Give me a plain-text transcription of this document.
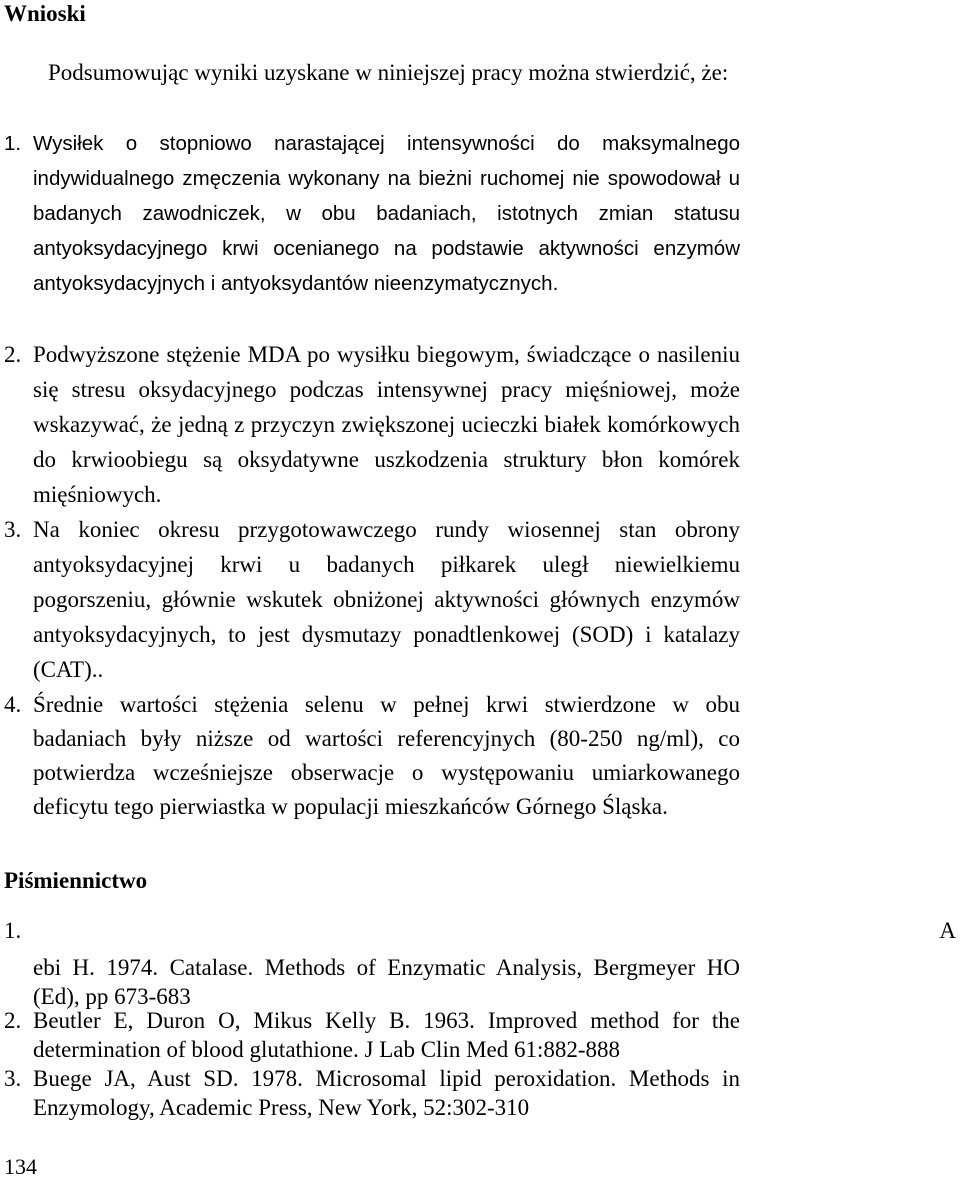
Wnioski

Podsumowując wyniki uzyskane w niniejszej pracy można stwierdzić, że:

1. Wysiłek o stopniowo narastającej intensywności do maksymalnego indywidualnego zmęczenia wykonany na bieżni ruchomej nie spowodował u badanych zawodniczek, w obu badaniach, istotnych zmian statusu antyoksydacyjnego krwi ocenianego na podstawie aktywności enzymów antyoksydacyjnych i antyoksydantów nieenzymatycznych.
2. Podwyższone stężenie MDA po wysiłku biegowym, świadczące o nasileniu się stresu oksydacyjnego podczas intensywnej pracy mięśniowej, może wskazywać, że jedną z przyczyn zwiększonej ucieczki białek komórkowych do krwioobiegu są oksydatywne uszkodzenia struktury błon komórek mięśniowych.
3. Na koniec okresu przygotowawczego rundy wiosennej stan obrony antyoksydacyjnej krwi u badanych piłkarek uległ niewielkiemu pogorszeniu, głównie wskutek obniżonej aktywności głównych enzymów antyoksydacyjnych, to jest dysmutazy ponadtlenkowej (SOD) i katalazy (CAT)..
4. Średnie wartości stężenia selenu w pełnej krwi stwierdzone w obu badaniach były niższe od wartości referencyjnych (80-250 ng/ml), co potwierdza wcześniejsze obserwacje o występowaniu umiarkowanego deficytu tego pierwiastka w populacji mieszkańców Górnego Śląska.
Piśmiennictwo
1.	A
ebi H. 1974. Catalase. Methods of Enzymatic Analysis, Bergmeyer HO (Ed), pp 673-683
2. Beutler E, Duron O, Mikus Kelly B. 1963. Improved method for the determination of blood glutathione. J Lab Clin Med 61:882-888
3. Buege JA, Aust SD. 1978. Microsomal lipid peroxidation. Methods in Enzymology, Academic Press, New York, 52:302-310
134
